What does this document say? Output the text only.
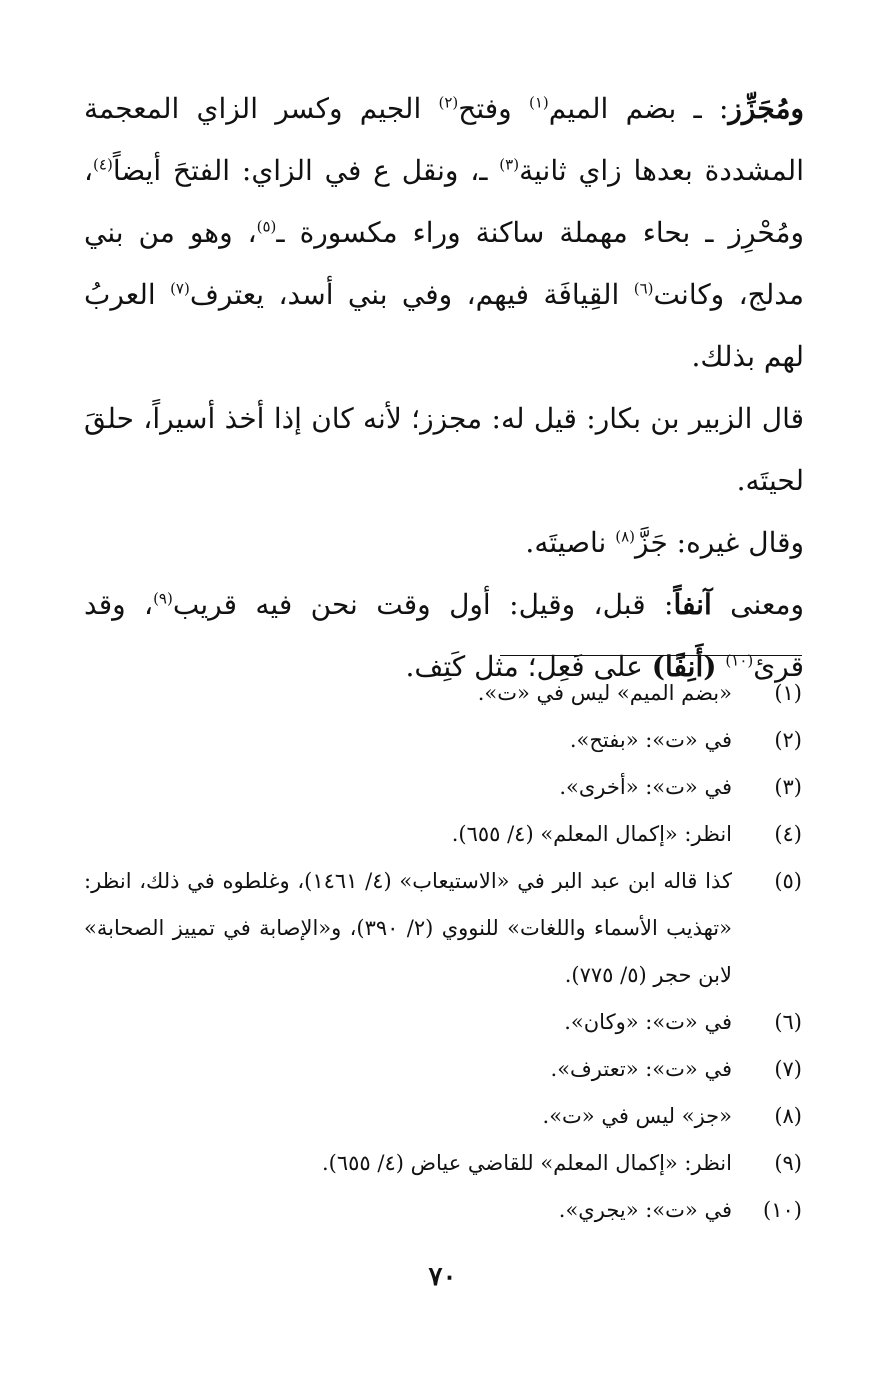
ومُجَزِّز: ـ بضم الميم$^{(١)}$ وفتح$^{(٢)}$ الجيم وكسر الزاي المعجمة المشددة بعدها زاي ثانية$^{(٣)}$ ـ، ونقل ع في الزاي: الفتحَ أيضاً$^{(٤)}$، ومُحْرِز ـ بحاء مهملة ساكنة وراء مكسورة ـ$^{(٥)}$، وهو من بني مدلج، وكانت$^{(٦)}$ القِيافَة فيهم، وفي بني أسد، يعترف$^{(٧)}$ العربُ لهم بذلك.

قال الزبير بن بكار: قيل له: مجزز؛ لأنه كان إذا أخذ أسيراً، حلقَ لحيتَه.

وقال غيره: جَزَّ$^{(٨)}$ ناصيتَه.

ومعنى آنفاً: قبل، وقيل: أول وقت نحن فيه قريب$^{(٩)}$، وقد قرئ$^{(١٠)}$ (أَنِفًا) على فَعِل؛ مثل كَتِف.

(١)
«بضم الميم» ليس في «ت».
(٢)
في «ت»: «بفتح».
(٣)
في «ت»: «أخرى».
(٤)
انظر: «إكمال المعلم» (٤/ ٦٥٥).
(٥)
كذا قاله ابن عبد البر في «الاستيعاب» (٤/ ١٤٦١)، وغلطوه في ذلك، انظر: «تهذيب الأسماء واللغات» للنووي (٢/ ٣٩٠)، و«الإصابة في تمييز الصحابة» لابن حجر (٥/ ٧٧٥).
(٦)
في «ت»: «وكان».
(٧)
في «ت»: «تعترف».
(٨)
«جز» ليس في «ت».
(٩)
انظر: «إكمال المعلم» للقاضي عياض (٤/ ٦٥٥).
(١٠)
في «ت»: «يجري».
٧٠
